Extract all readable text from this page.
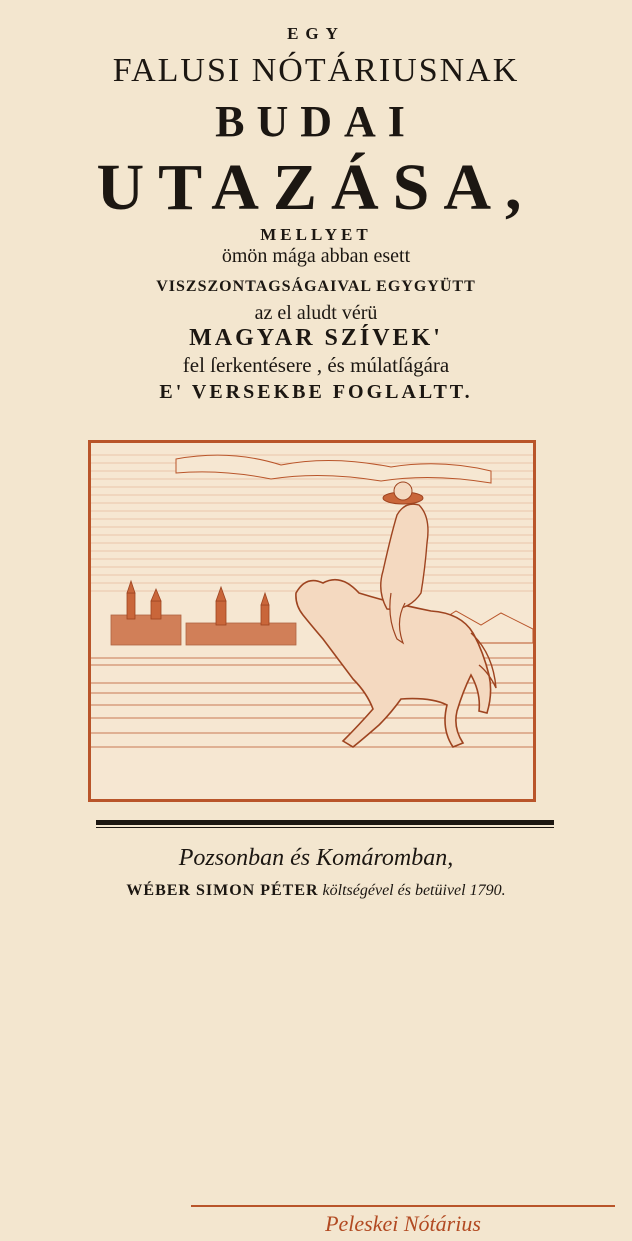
EGY
FALUSI NÓTÁRIUSNAK
BUDAI
UTAZÁSA,
MELLYET
ömön mága abban esett
VISZSZONTAGSÁGAIVAL EGYGYÜTT
az el aludt vérü
MAGYAR SZÍVEK'
fel ſerkentésere , és múlatſágára
E' VERSEKBE FOGLALTT.
Peleskei Nótárius
Pozsonban és Komáromban,
WÉBER SIMON PÉTER költségével és betüivel 1790.
